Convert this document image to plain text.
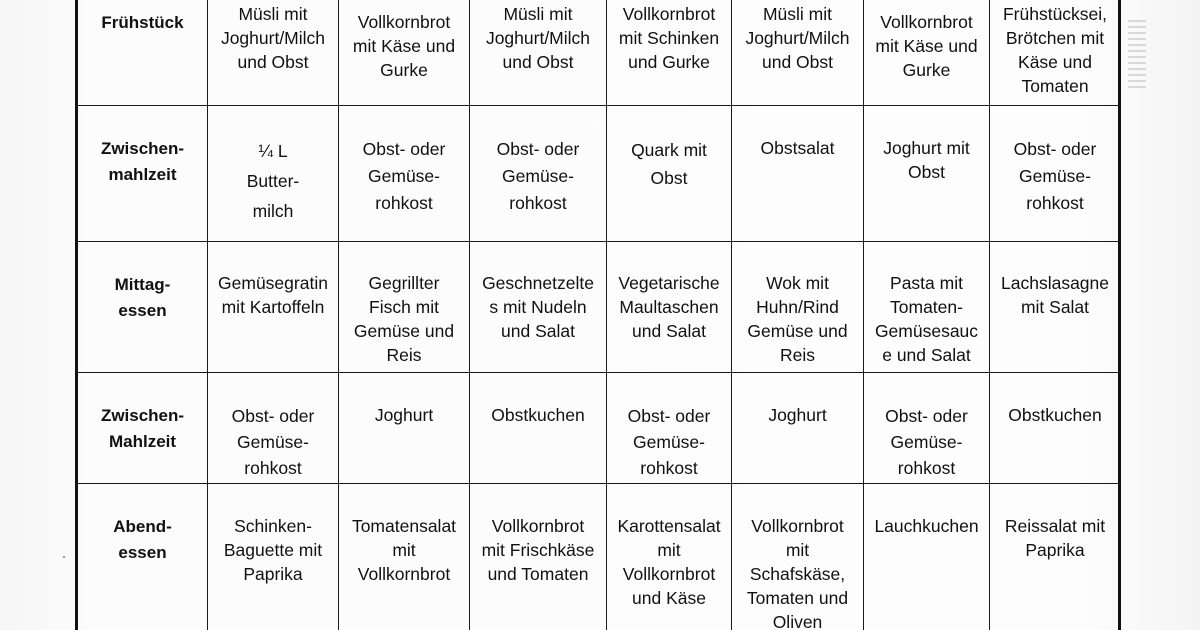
Frühstück	Müsli mit
Joghurt/Milch
und Obst	Vollkornbrot
mit Käse und
Gurke	Müsli mit
Joghurt/Milch
und Obst	Vollkornbrot
mit Schinken
und Gurke	Müsli mit
Joghurt/Milch
und Obst	Vollkornbrot
mit Käse und
Gurke	Frühstücksei,
Brötchen mit
Käse und
Tomaten

Zwischen-
mahlzeit	¼ L
Butter-
milch	Obst- oder
Gemüse-
rohkost	Obst- oder
Gemüse-
rohkost	Quark mit
Obst	Obstsalat	Joghurt mit
Obst	Obst- oder
Gemüse-
rohkost

Mittag-
essen	Gemüsegratin
mit Kartoffeln	Gegrillter
Fisch mit
Gemüse und
Reis	Geschnetzelte
s mit Nudeln
und Salat	Vegetarische
Maultaschen
und Salat	Wok mit
Huhn/Rind
Gemüse und
Reis	Pasta mit
Tomaten-
Gemüsesauc
e und Salat	Lachslasagne
mit Salat

Zwischen-
Mahlzeit	Obst- oder
Gemüse-
rohkost	Joghurt	Obstkuchen	Obst- oder
Gemüse-
rohkost	Joghurt	Obst- oder
Gemüse-
rohkost	Obstkuchen

Abend-
essen	Schinken-
Baguette mit
Paprika	Tomatensalat
mit
Vollkornbrot	Vollkornbrot
mit Frischkäse
und Tomaten	Karottensalat
mit
Vollkornbrot
und Käse	Vollkornbrot
mit
Schafskäse,
Tomaten und
Oliven	Lauchkuchen	Reissalat mit
Paprika
